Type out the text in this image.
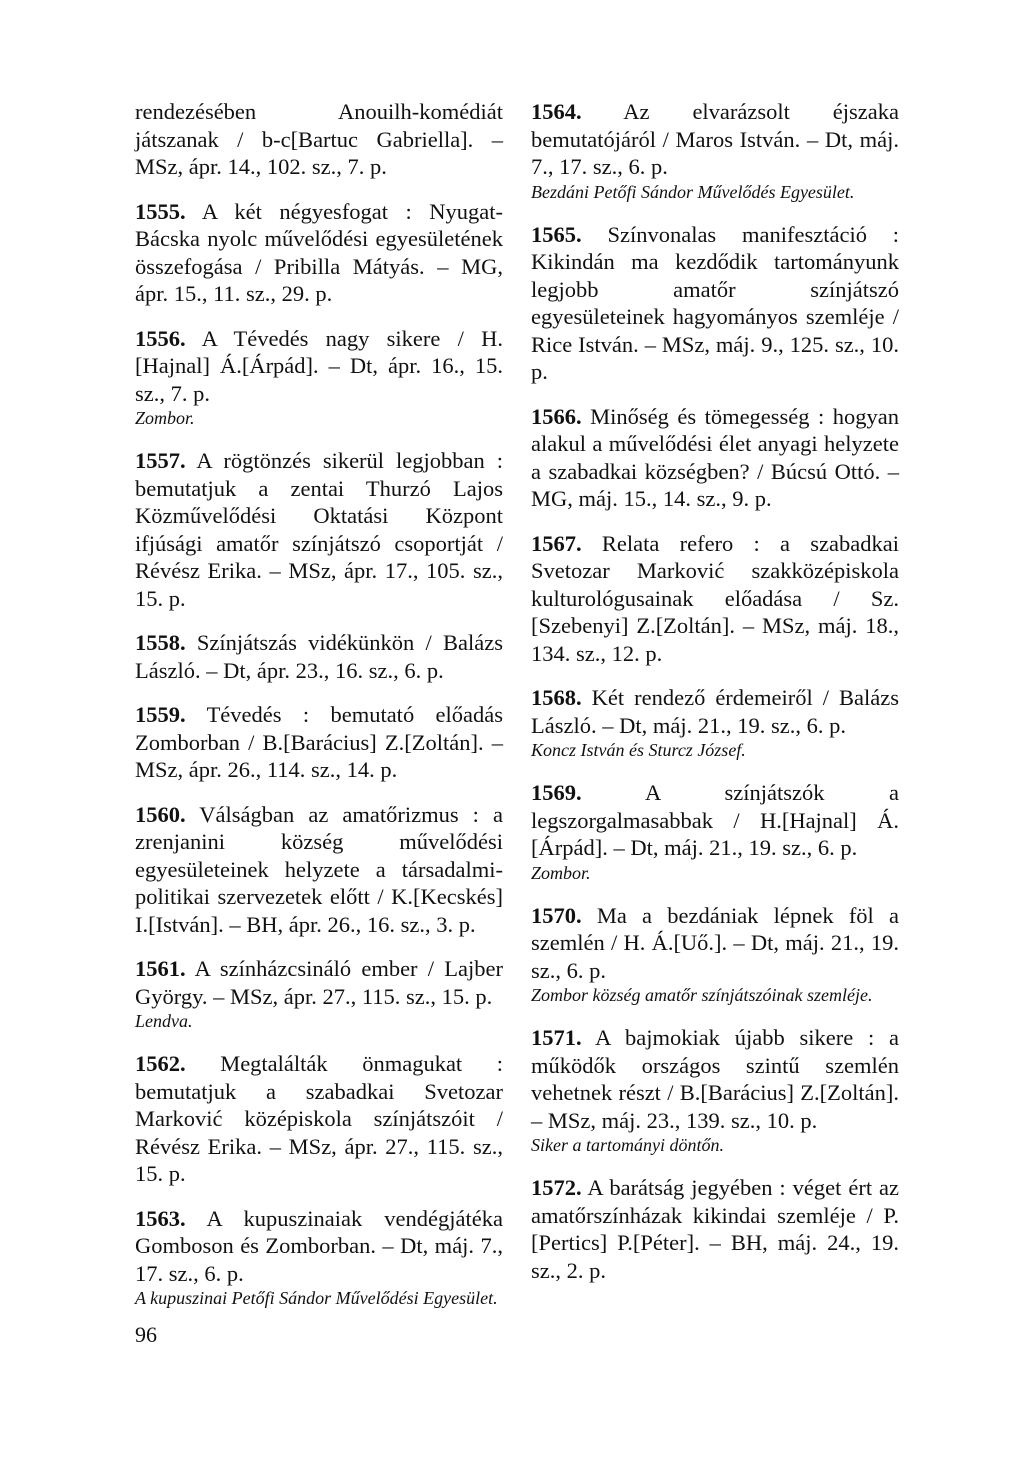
rendezésében Anouilh-komédiát játszanak / b-c[Bartuc Gabriella]. – MSz, ápr. 14., 102. sz., 7. p.

1555. A két négyesfogat : Nyugat-Bácska nyolc művelődési egyesületének összefogása / Pribilla Mátyás. – MG, ápr. 15., 11. sz., 29. p.

1556. A Tévedés nagy sikere / H.[Hajnal] Á.[Árpád]. – Dt, ápr. 16., 15. sz., 7. p.
Zombor.

1557. A rögtönzés sikerül legjobban : bemutatjuk a zentai Thurzó Lajos Közművelődési Oktatási Központ ifjúsági amatőr színjátszó csoportját / Révész Erika. – MSz, ápr. 17., 105. sz., 15. p.

1558. Színjátszás vidékünkön / Balázs László. – Dt, ápr. 23., 16. sz., 6. p.

1559. Tévedés : bemutató előadás Zomborban / B.[Barácius] Z.[Zoltán]. – MSz, ápr. 26., 114. sz., 14. p.

1560. Válságban az amatőrizmus : a zrenjanini község művelődési egyesületeinek helyzete a társadalmi-politikai szervezetek előtt / K.[Kecskés] I.[István]. – BH, ápr. 26., 16. sz., 3. p.

1561. A színházcsináló ember / Lajber György. – MSz, ápr. 27., 115. sz., 15. p.
Lendva.

1562. Megtalálták önmagukat : bemutatjuk a szabadkai Svetozar Marković középiskola színjátszóit / Révész Erika. – MSz, ápr. 27., 115. sz., 15. p.

1563. A kupuszinaiak vendégjátéka Gomboson és Zomborban. – Dt, máj. 7., 17. sz., 6. p.
A kupuszinai Petőfi Sándor Művelődési Egyesület.

1564. Az elvarázsolt éjszaka bemutatójáról / Maros István. – Dt, máj. 7., 17. sz., 6. p.
Bezdáni Petőfi Sándor Művelődés Egyesület.

1565. Színvonalas manifesztáció : Kikindán ma kezdődik tartományunk legjobb amatőr színjátszó egyesületeinek hagyományos szemléje / Rice István. – MSz, máj. 9., 125. sz., 10. p.

1566. Minőség és tömegesség : hogyan alakul a művelődési élet anyagi helyzete a szabadkai községben? / Búcsú Ottó. – MG, máj. 15., 14. sz., 9. p.

1567. Relata refero : a szabadkai Svetozar Marković szakközépiskola kulturológusainak előadása / Sz.[Szebenyi] Z.[Zoltán]. – MSz, máj. 18., 134. sz., 12. p.

1568. Két rendező érdemeiről / Balázs László. – Dt, máj. 21., 19. sz., 6. p.
Koncz István és Sturcz József.

1569.	A színjátszók a legszorgalmasabbak / H.[Hajnal] Á.[Árpád]. – Dt, máj. 21., 19. sz., 6. p.
Zombor.

1570. Ma a bezdániak lépnek föl a szemlén / H. Á.[Uő.]. – Dt, máj. 21., 19. sz., 6. p.
Zombor község amatőr színjátszóinak szemléje.

1571. A bajmokiak újabb sikere : a működők országos szintű szemlén vehetnek részt / B.[Barácius] Z.[Zoltán]. – MSz, máj. 23., 139. sz., 10. p.
Siker a tartományi döntőn.

1572. A barátság jegyében : véget ért az amatőrszínházak kikindai szemléje / P.[Pertics] P.[Péter]. – BH, máj. 24., 19. sz., 2. p.

96
